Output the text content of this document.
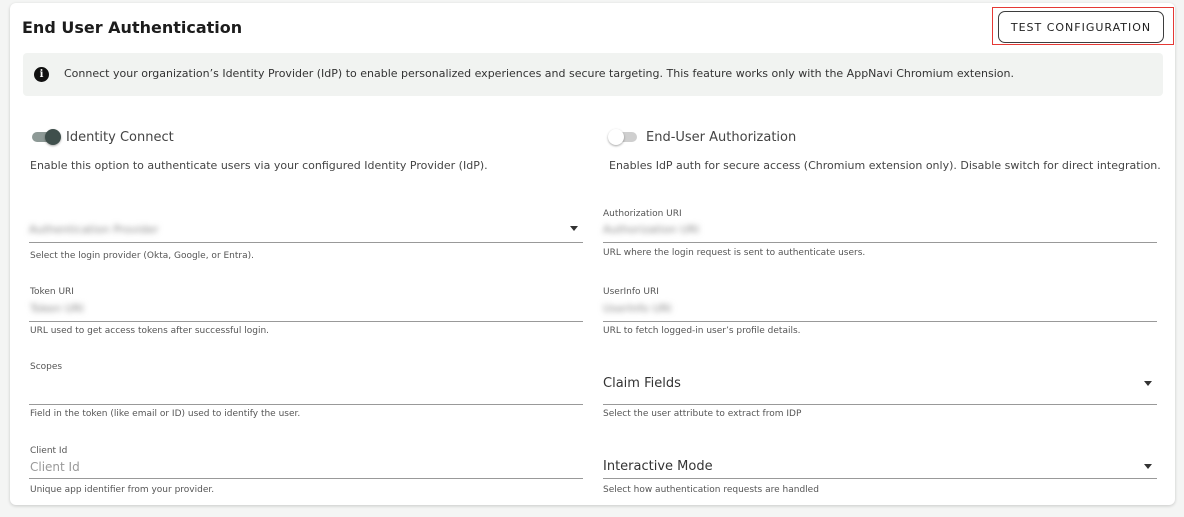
End User Authentication	TEST CONFIGURATION
i	Connect your organization’s Identity Provider (IdP) to enable personalized experiences and secure targeting. This feature works only with the AppNavi Chromium extension.
Identity Connect
Enable this option to authenticate users via your configured Identity Provider (IdP).
End-User Authorization
Enables IdP auth for secure access (Chromium extension only). Disable switch for direct integration.
Authentication Provider
Select the login provider (Okta, Google, or Entra).
Authorization URI
Authorization URI
URL where the login request is sent to authenticate users.
Token URI
Token URI
URL used to get access tokens after successful login.
UserInfo URI
UserInfo URI
URL to fetch logged-in user’s profile details.
Scopes
Field in the token (like email or ID) used to identify the user.
Claim Fields
Select the user attribute to extract from IDP
Client Id
Client Id
Unique app identifier from your provider.
Interactive Mode
Select how authentication requests are handled
